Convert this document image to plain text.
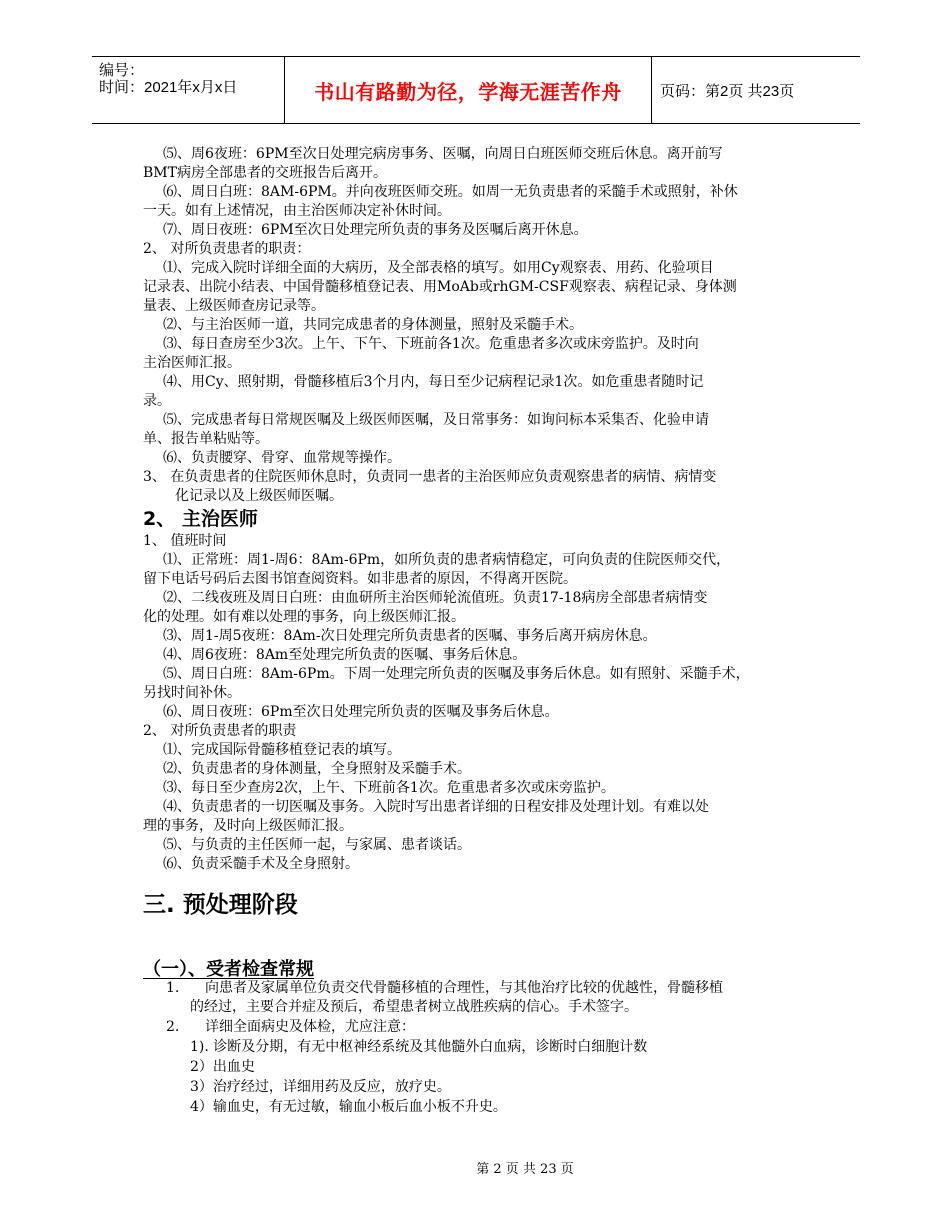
编号：
时间：2021年x月x日	书山有路勤为径，学海无涯苦作舟	页码：第2页 共23页
⑸、周6夜班：6PM至次日处理完病房事务、医嘱，向周日白班医师交班后休息。离开前写
BMT病房全部患者的交班报告后离开。
⑹、周日白班：8AM-6PM。并向夜班医师交班。如周一无负责患者的采髓手术或照射，补休
一天。如有上述情况，由主治医师决定补休时间。
⑺、周日夜班：6PM至次日处理完所负责的事务及医嘱后离开休息。
2、 对所负责患者的职责：
⑴、完成入院时详细全面的大病历，及全部表格的填写。如用Cy观察表、用药、化验项目
记录表、出院小结表、中国骨髓移植登记表、用MoAb或rhGM-CSF观察表、病程记录、身体测
量表、上级医师查房记录等。
⑵、与主治医师一道，共同完成患者的身体测量，照射及采髓手术。
⑶、每日查房至少3次。上午、下午、下班前各1次。危重患者多次或床旁监护。及时向
主治医师汇报。
⑷、用Cy、照射期，骨髓移植后3个月内，每日至少记病程记录1次。如危重患者随时记
录。
⑸、完成患者每日常规医嘱及上级医师医嘱，及日常事务：如询问标本采集否、化验申请
单、报告单粘贴等。
⑹、负责腰穿、骨穿、血常规等操作。
3、 在负责患者的住院医师休息时，负责同一患者的主治医师应负责观察患者的病情、病情变
化记录以及上级医师医嘱。
2、 主治医师
1、 值班时间
⑴、正常班：周1-周6：8Am-6Pm，如所负责的患者病情稳定，可向负责的住院医师交代，
留下电话号码后去图书馆查阅资料。如非患者的原因，不得离开医院。
⑵、二线夜班及周日白班：由血研所主治医师轮流值班。负责17-18病房全部患者病情变
化的处理。如有难以处理的事务，向上级医师汇报。
⑶、周1-周5夜班：8Am-次日处理完所负责患者的医嘱、事务后离开病房休息。
⑷、周6夜班：8Am至处理完所负责的医嘱、事务后休息。
⑸、周日白班：8Am-6Pm。下周一处理完所负责的医嘱及事务后休息。如有照射、采髓手术，
另找时间补休。
⑹、周日夜班：6Pm至次日处理完所负责的医嘱及事务后休息。
2、 对所负责患者的职责
⑴、完成国际骨髓移植登记表的填写。
⑵、负责患者的身体测量，全身照射及采髓手术。
⑶、每日至少查房2次，上午、下班前各1次。危重患者多次或床旁监护。
⑷、负责患者的一切医嘱及事务。入院时写出患者详细的日程安排及处理计划。有难以处
理的事务，及时向上级医师汇报。
⑸、与负责的主任医师一起，与家属、患者谈话。
⑹、负责采髓手术及全身照射。
三. 预处理阶段
（一）、受者检查常规
1. 向患者及家属单位负责交代骨髓移植的合理性，与其他治疗比较的优越性，骨髓移植
的经过，主要合并症及预后，希望患者树立战胜疾病的信心。手术签字。
2. 详细全面病史及体检，尤应注意：
1). 诊断及分期，有无中枢神经系统及其他髓外白血病，诊断时白细胞计数
2）出血史
3）治疗经过，详细用药及反应，放疗史。
4）输血史，有无过敏，输血小板后血小板不升史。
第 2 页 共 23 页
